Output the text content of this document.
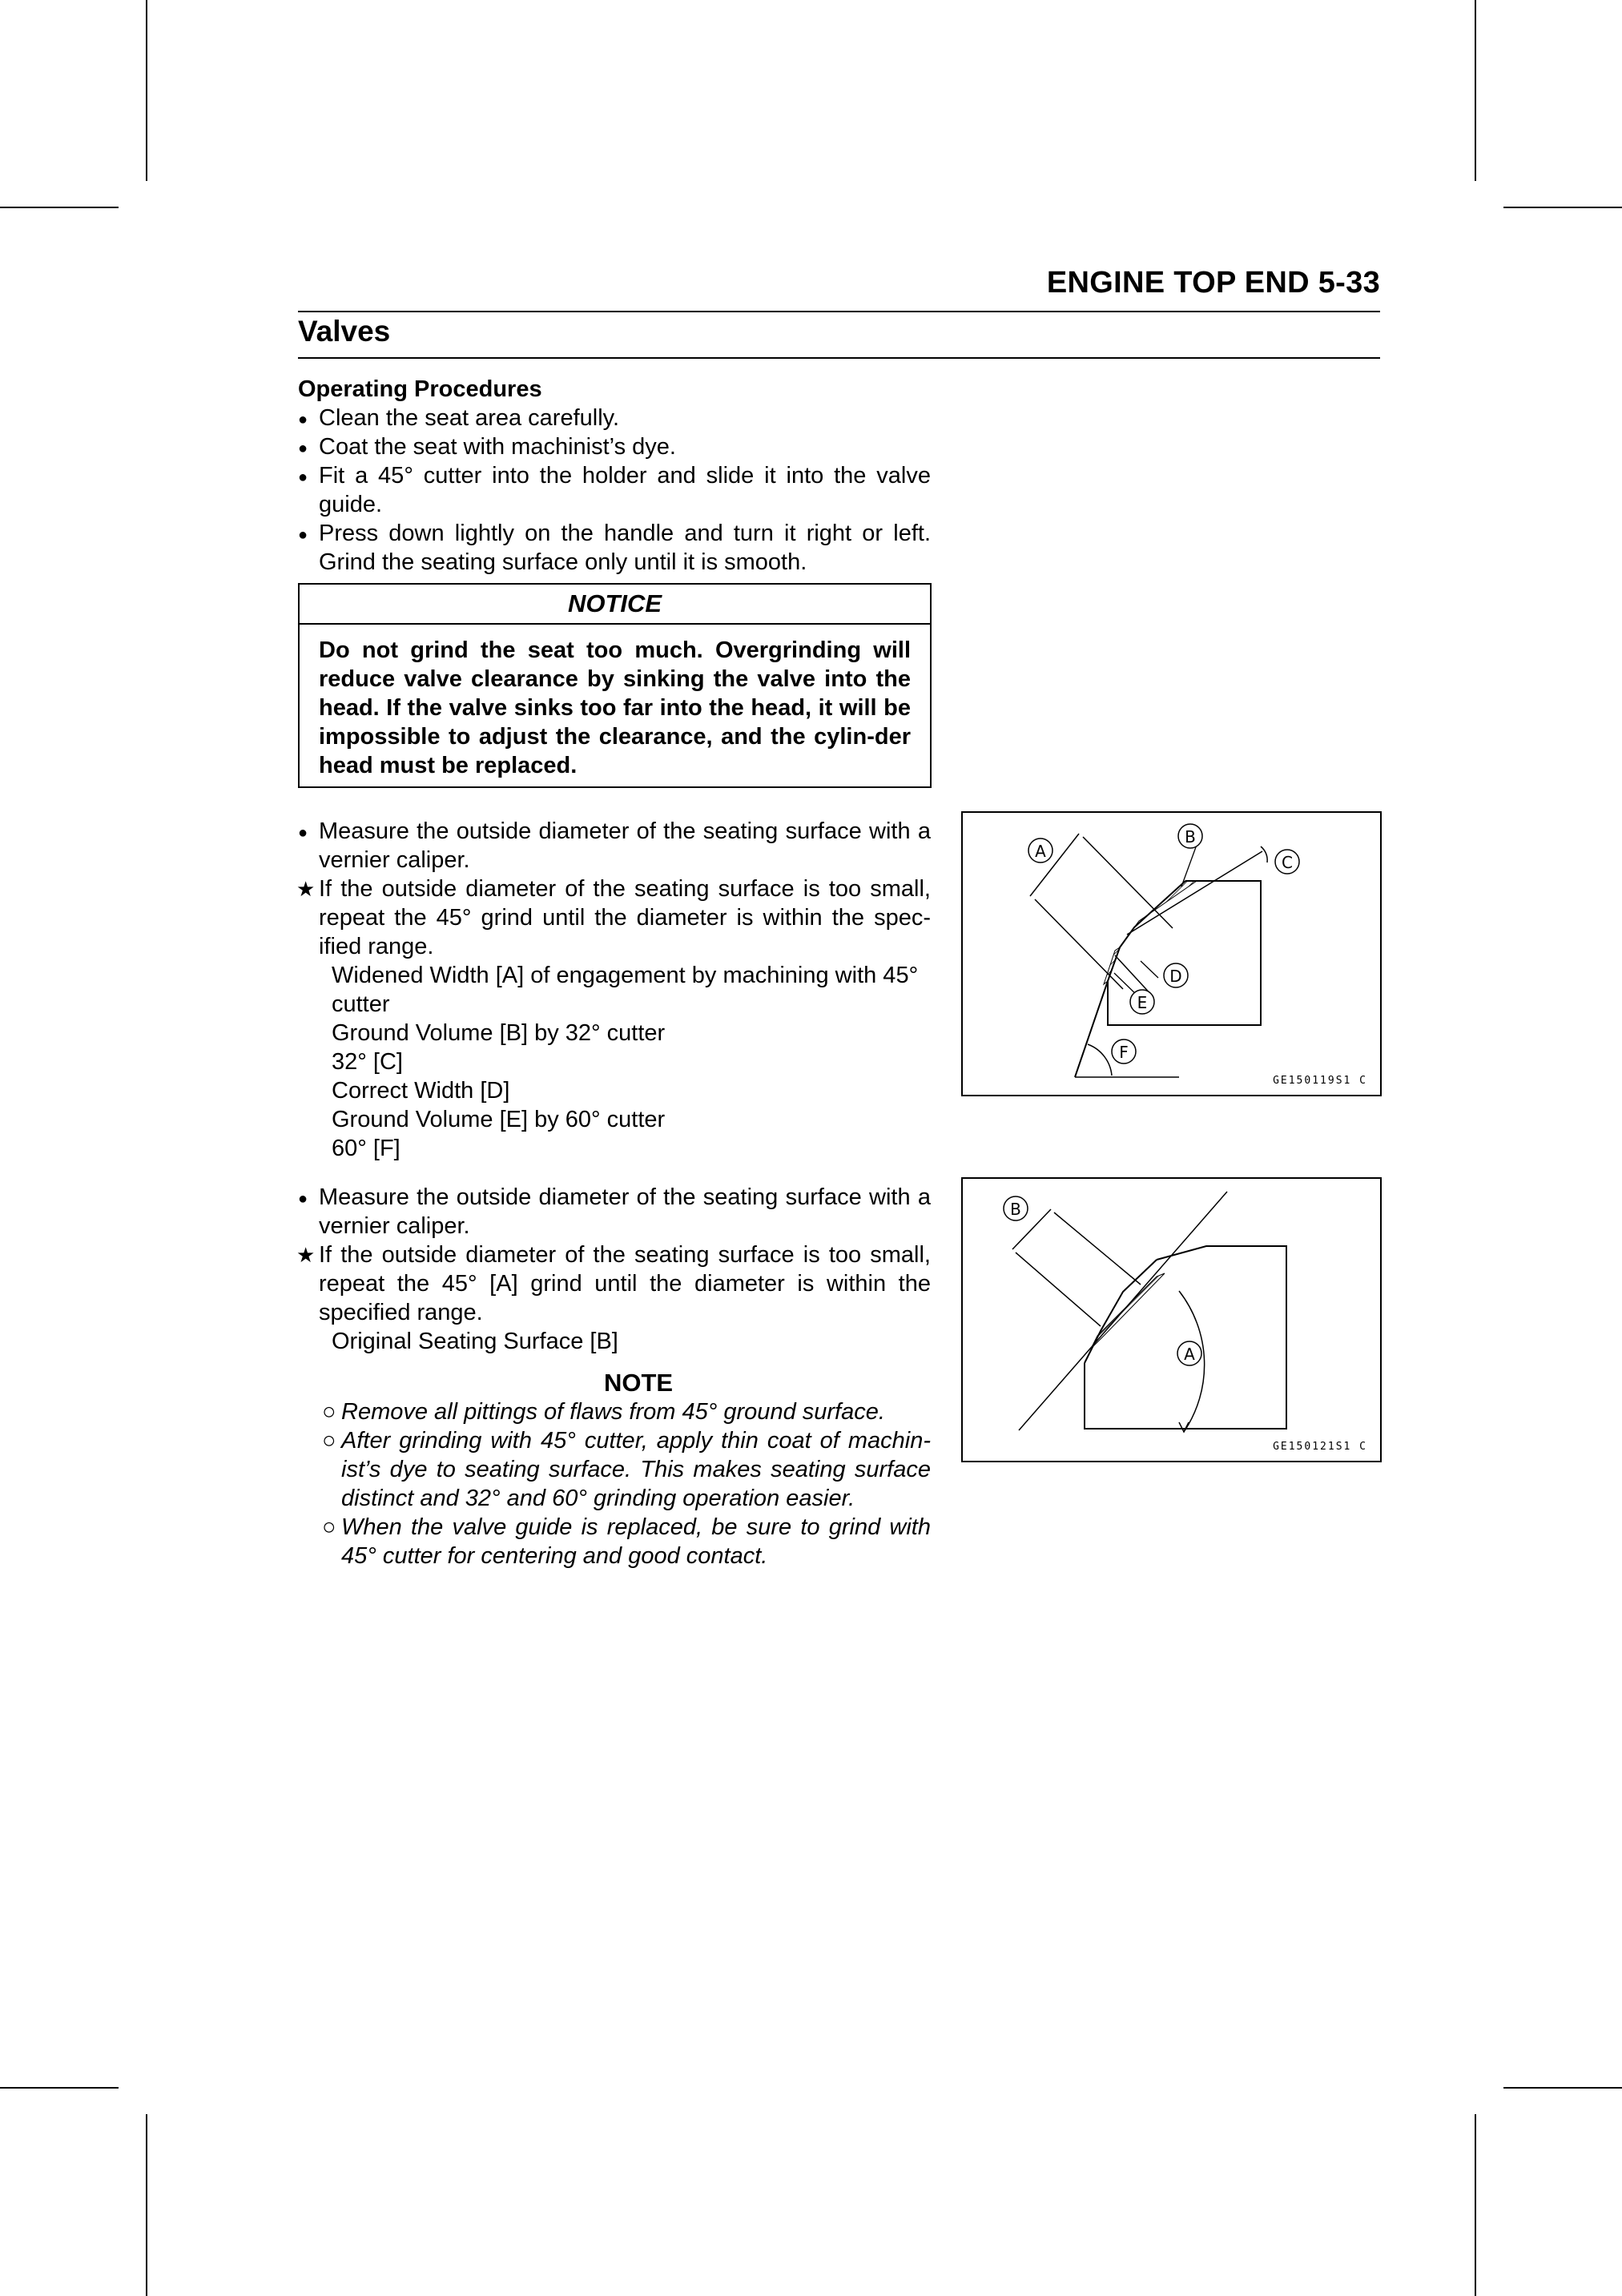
ENGINE TOP END 5-33
Valves
Operating Procedures
● Clean the seat area carefully.
● Coat the seat with machinist’s dye.
● Fit a 45° cutter into the holder and slide it into the valve guide.
● Press down lightly on the handle and turn it right or left. Grind the seating surface only until it is smooth.
NOTICE
Do not grind the seat too much. Overgrinding will reduce valve clearance by sinking the valve into the head. If the valve sinks too far into the head, it will be impossible to adjust the clearance, and the cylin-der head must be replaced.
● Measure the outside diameter of the seating surface with a vernier caliper.
★ If the outside diameter of the seating surface is too small, repeat the 45° grind until the diameter is within the spec-ified range.
Widened Width [A] of engagement by machining with 45° cutter
Ground Volume [B] by 32° cutter
32° [C]
Correct Width [D]
Ground Volume [E] by 60° cutter
60° [F]
● Measure the outside diameter of the seating surface with a vernier caliper.
★ If the outside diameter of the seating surface is too small, repeat the 45° [A] grind until the diameter is within the specified range.
Original Seating Surface [B]
NOTE
○ Remove all pittings of flaws from 45° ground surface.
○ After grinding with 45° cutter, apply thin coat of machin-ist’s dye to seating surface. This makes seating surface distinct and 32° and 60° grinding operation easier.
○ When the valve guide is replaced, be sure to grind with 45° cutter for centering and good contact.
A
B
C
D
E
F
GE150119S1 C
B
A
GE150121S1 C
